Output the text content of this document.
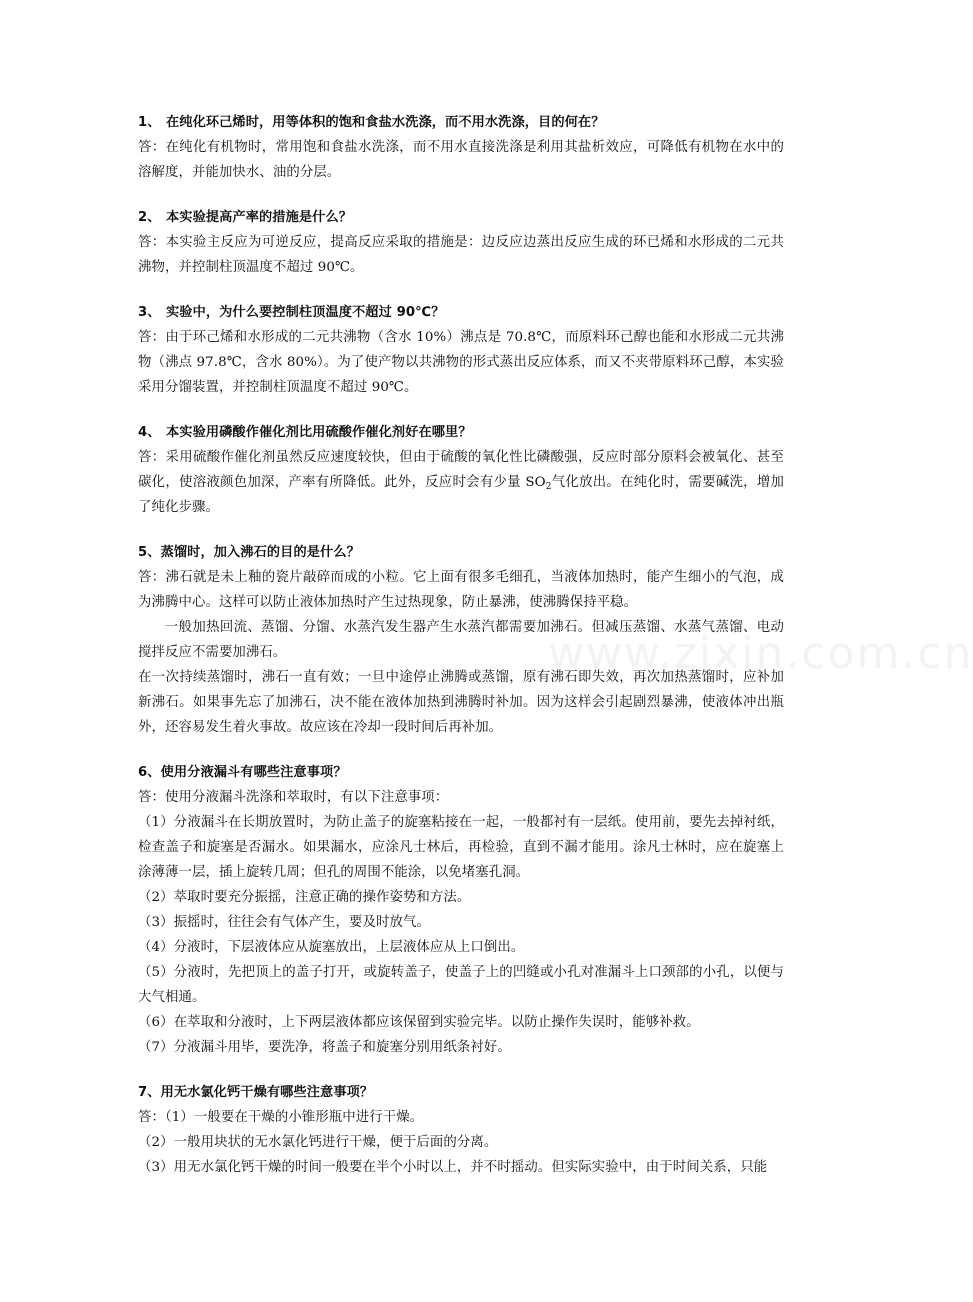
www.zixin.com.cn
1、 在纯化环己烯时，用等体积的饱和食盐水洗涤，而不用水洗涤，目的何在？

答：在纯化有机物时，常用饱和食盐水洗涤，而不用水直接洗涤是利用其盐析效应，可降低有机物在水中的溶解度，并能加快水、油的分层。

2、 本实验提高产率的措施是什么？

答：本实验主反应为可逆反应，提高反应采取的措施是：边反应边蒸出反应生成的环已烯和水形成的二元共沸物，并控制柱顶温度不超过 90℃。

3、 实验中，为什么要控制柱顶温度不超过 90℃？

答：由于环己烯和水形成的二元共沸物（含水 10%）沸点是 70.8℃，而原料环己醇也能和水形成二元共沸物（沸点 97.8℃，含水 80%）。为了使产物以共沸物的形式蒸出反应体系，而又不夹带原料环己醇，本实验采用分馏装置，并控制柱顶温度不超过 90℃。

4、 本实验用磷酸作催化剂比用硫酸作催化剂好在哪里？

答：采用硫酸作催化剂虽然反应速度较快，但由于硫酸的氧化性比磷酸强，反应时部分原料会被氧化、甚至碳化，使溶液颜色加深，产率有所降低。此外，反应时会有少量 $SO_2$气化放出。在纯化时，需要碱洗，增加了纯化步骤。

5、蒸馏时，加入沸石的目的是什么？

答：沸石就是未上釉的瓷片敲碎而成的小粒。它上面有很多毛细孔，当液体加热时，能产生细小的气泡，成为沸腾中心。这样可以防止液体加热时产生过热现象，防止暴沸，使沸腾保持平稳。

一般加热回流、蒸馏、分馏、水蒸汽发生器产生水蒸汽都需要加沸石。但减压蒸馏、水蒸气蒸馏、电动搅拌反应不需要加沸石。

在一次持续蒸馏时，沸石一直有效；一旦中途停止沸腾或蒸馏，原有沸石即失效，再次加热蒸馏时，应补加新沸石。如果事先忘了加沸石，决不能在液体加热到沸腾时补加。因为这样会引起剧烈暴沸，使液体冲出瓶外，还容易发生着火事故。故应该在冷却一段时间后再补加。

6、使用分液漏斗有哪些注意事项？

答：使用分液漏斗洗涤和萃取时，有以下注意事项：

（1）分液漏斗在长期放置时，为防止盖子的旋塞粘接在一起，一般都衬有一层纸。使用前，要先去掉衬纸，检查盖子和旋塞是否漏水。如果漏水，应涂凡士林后，再检验，直到不漏才能用。涂凡士林时，应在旋塞上涂薄薄一层，插上旋转几周；但孔的周围不能涂，以免堵塞孔洞。

（2）萃取时要充分振摇，注意正确的操作姿势和方法。

（3）振摇时，往往会有气体产生，要及时放气。

（4）分液时，下层液体应从旋塞放出，上层液体应从上口倒出。

（5）分液时，先把顶上的盖子打开，或旋转盖子，使盖子上的凹缝或小孔对准漏斗上口颈部的小孔，以便与大气相通。

（6）在萃取和分液时，上下两层液体都应该保留到实验完毕。以防止操作失误时，能够补救。

（7）分液漏斗用毕，要洗净，将盖子和旋塞分别用纸条衬好。

7、用无水氯化钙干燥有哪些注意事项？

答：（1）一般要在干燥的小锥形瓶中进行干燥。

（2）一般用块状的无水氯化钙进行干燥，便于后面的分离。

（3）用无水氯化钙干燥的时间一般要在半个小时以上，并不时摇动。但实际实验中，由于时间关系，只能
